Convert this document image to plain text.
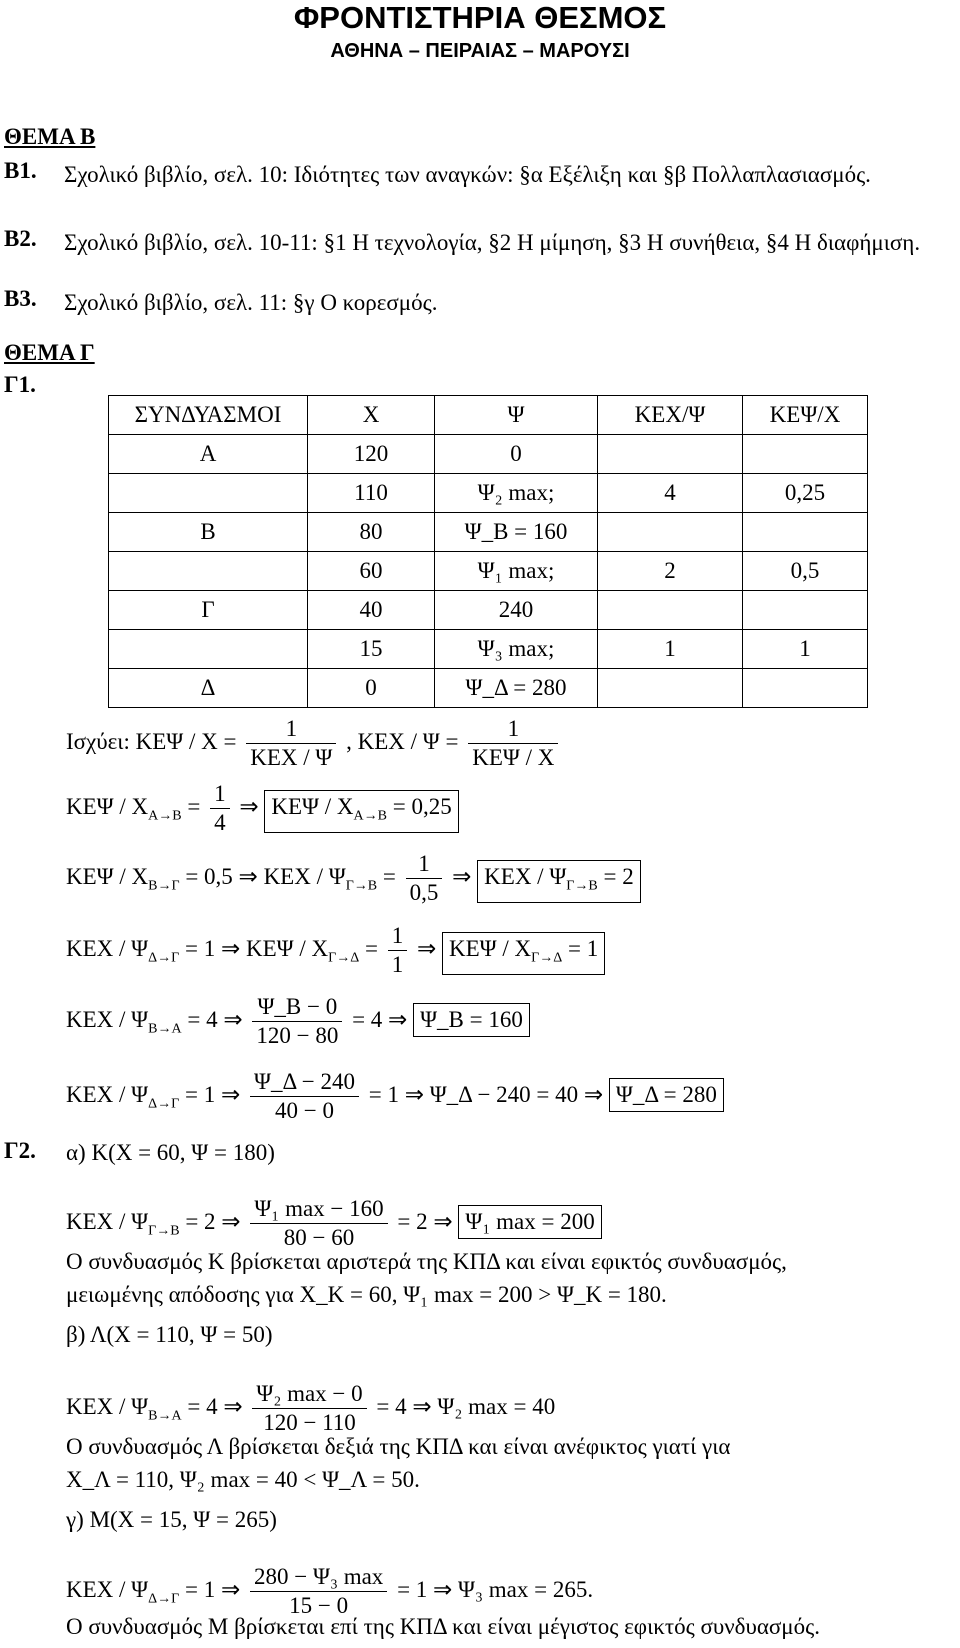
ΦΡΟΝΤΙΣΤΗΡΙΑ ΘΕΣΜΟΣ
ΑΘΗΝΑ – ΠΕΙΡΑΙΑΣ – ΜΑΡΟΥΣΙ
ΘΕΜΑ Β
Β1. Σχολικό βιβλίο, σελ. 10: Ιδιότητες των αναγκών: §α Εξέλιξη και §β Πολλαπλασιασμός.
Β2. Σχολικό βιβλίο, σελ. 10-11: §1 Η τεχνολογία, §2 Η μίμηση, §3 Η συνήθεια, §4 Η διαφήμιση.
Β3. Σχολικό βιβλίο, σελ. 11: §γ Ο κορεσμός.
ΘΕΜΑ Γ
Γ1.
ΣΥΝΔΥΑΣΜΟΙ	Χ	Ψ	ΚΕΧ/Ψ	ΚΕΨ/Χ
Α	120	0		
	110	Ψ₂ max;	4	0,25
Β	80	Ψ_Β = 160		
	60	Ψ₁ max;	2	0,5
Γ	40	240		
	15	Ψ₃ max;	1	1
Δ	0	Ψ_Δ = 280		
Ισχύει: $KE\Psi / X = \frac{1}{\text{ΚΕΧ / Ψ}}$ , $KEX / \Psi = \frac{1}{\text{ΚΕΨ / Χ}}$
$KE\Psi / X_{A\to B} = \frac{1}{4}$ ⇒ $KE\Psi / X_{A\to B} = 0,25$
$KE\Psi / X_{B\to\Gamma} = 0,5$ ⇒ $KEX / \Psi_{\Gamma\to B} = \frac{1}{0,5}$ ⇒ $KEX / \Psi_{\Gamma\to B} = 2$
$KEX / \Psi_{\Delta\to\Gamma} = 1$ ⇒ $KE\Psi / X_{\Gamma\to\Delta} = \frac{1}{1}$ ⇒ $KE\Psi / X_{\Gamma\to\Delta} = 1$
$KEX / \Psi_{B\to A} = 4$ ⇒ $\frac{\Psi\_B - 0}{120 - 80} = 4$ ⇒ Ψ_Β = 160
$KEX / \Psi_{\Delta\to\Gamma} = 1$ ⇒ $\frac{\Psi\_\Delta - 240}{40 - 0} = 1$ ⇒ Ψ_Δ − 240 = 40 ⇒ Ψ_Δ = 280
Γ2. α) Κ(Χ = 60, Ψ = 180)
$KEX / \Psi_{\Gamma\to B} = 2$ ⇒ $\frac{\text{Ψ₁ max − 160}}{80 - 60} = 2$ ⇒ Ψ₁ max = 200
Ο συνδυασμός Κ βρίσκεται αριστερά της ΚΠΔ και είναι εφικτός συνδυασμός,
μειωμένης απόδοσης για Χ_Κ = 60, Ψ₁ max = 200 > Ψ_Κ = 180.
β) Λ(Χ = 110, Ψ = 50)
$KEX / \Psi_{B\to A} = 4$ ⇒ $\frac{\text{Ψ₂ max − 0}}{120 - 110} = 4$ ⇒ Ψ₂ max = 40
Ο συνδυασμός Λ βρίσκεται δεξιά της ΚΠΔ και είναι ανέφικτος γιατί για
Χ_Λ = 110, Ψ₂ max = 40 < Ψ_Λ = 50.
γ) Μ(Χ = 15, Ψ = 265)
$KEX / \Psi_{\Delta\to\Gamma} = 1$ ⇒ $\frac{\text{280 − Ψ₃ max}}{15 - 0} = 1$ ⇒ Ψ₃ max = 265.
Ο συνδυασμός Μ βρίσκεται επί της ΚΠΔ και είναι μέγιστος εφικτός συνδυασμός.
